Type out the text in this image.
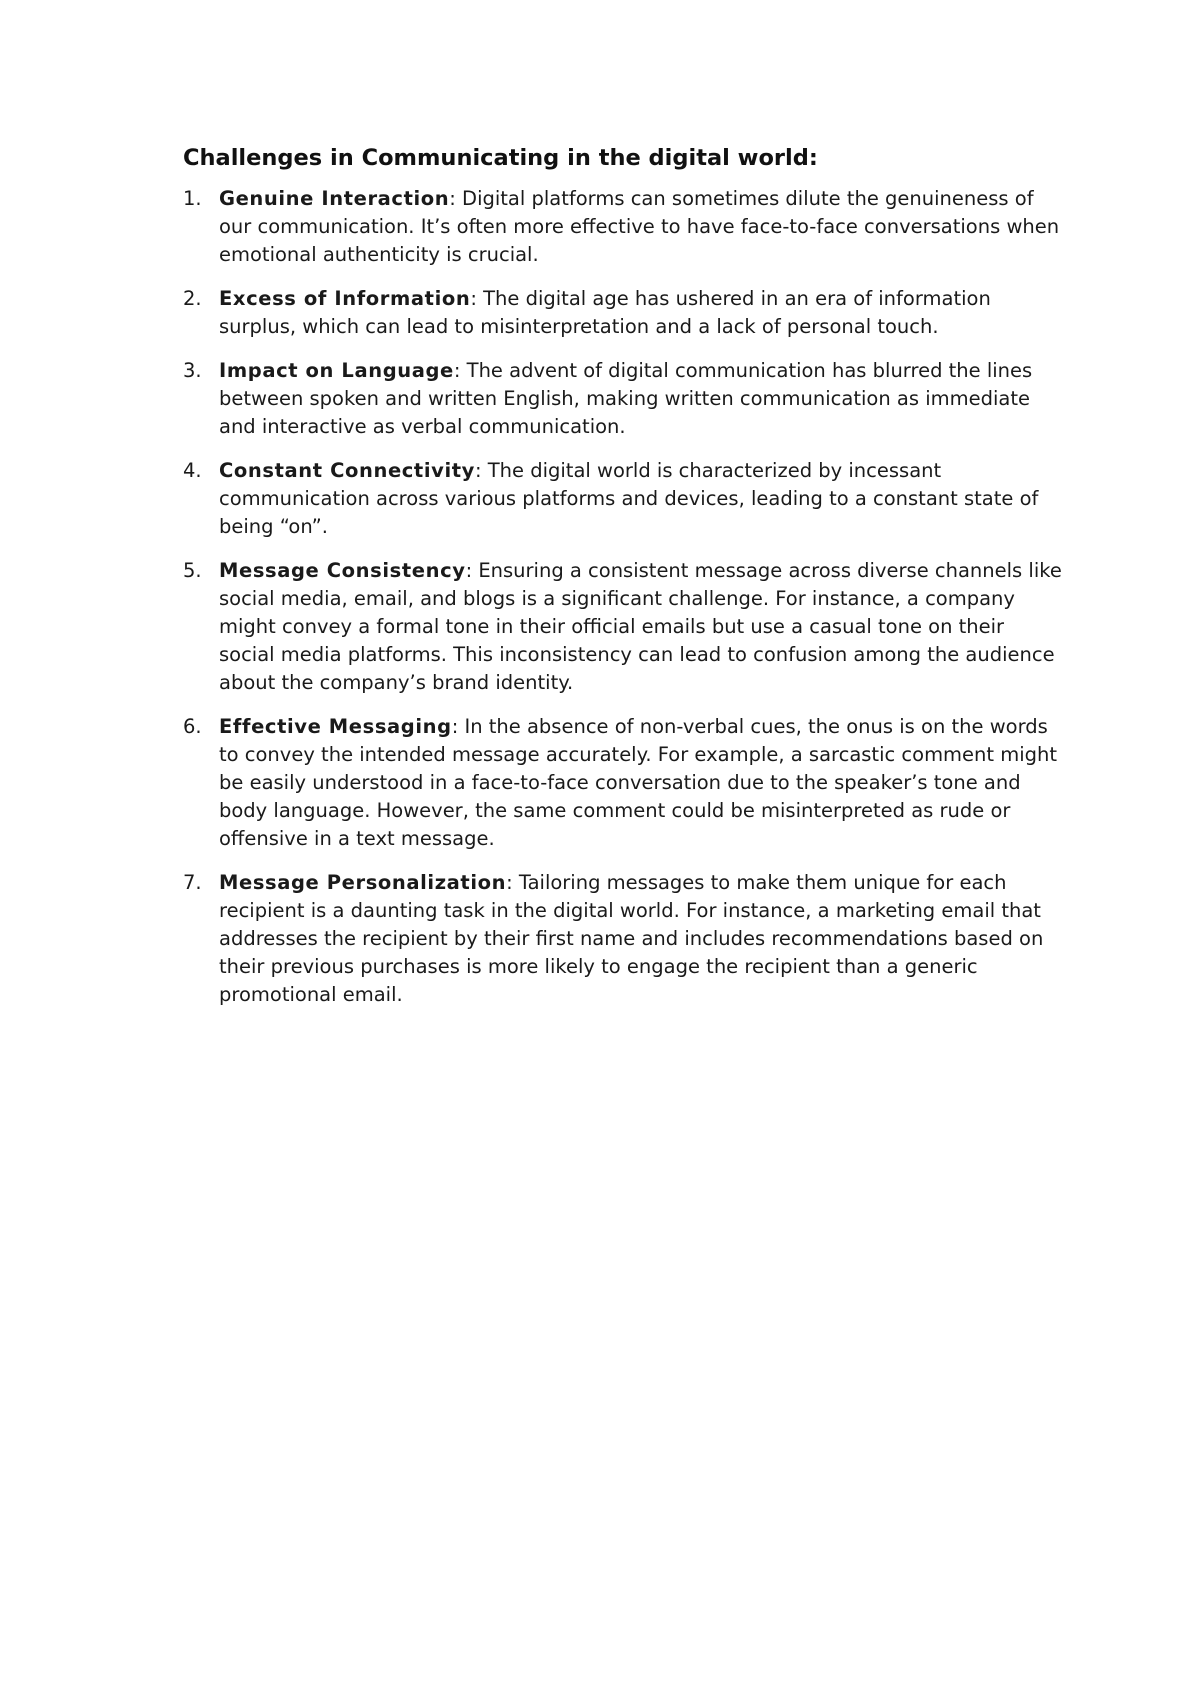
Challenges in Communicating in the digital world:
1. Genuine Interaction: Digital platforms can sometimes dilute the genuineness of our communication. It’s often more effective to have face-to-face conversations when emotional authenticity is crucial.
2. Excess of Information: The digital age has ushered in an era of information surplus, which can lead to misinterpretation and a lack of personal touch.
3. Impact on Language: The advent of digital communication has blurred the lines between spoken and written English, making written communication as immediate and interactive as verbal communication.
4. Constant Connectivity: The digital world is characterized by incessant communication across various platforms and devices, leading to a constant state of being “on”.
5. Message Consistency: Ensuring a consistent message across diverse channels like social media, email, and blogs is a significant challenge. For instance, a company might convey a formal tone in their official emails but use a casual tone on their social media platforms. This inconsistency can lead to confusion among the audience about the company’s brand identity.
6. Effective Messaging: In the absence of non-verbal cues, the onus is on the words to convey the intended message accurately. For example, a sarcastic comment might be easily understood in a face-to-face conversation due to the speaker’s tone and body language. However, the same comment could be misinterpreted as rude or offensive in a text message.
7. Message Personalization: Tailoring messages to make them unique for each recipient is a daunting task in the digital world. For instance, a marketing email that addresses the recipient by their first name and includes recommendations based on their previous purchases is more likely to engage the recipient than a generic promotional email.
